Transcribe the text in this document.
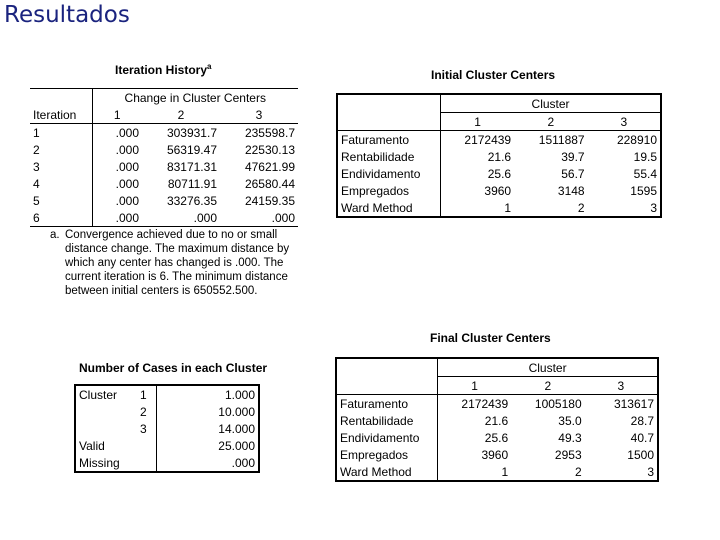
Resultados
Iteration History$^a$
	Change in Cluster Centers		
Iteration	1	2	3
1	.000	303931.7	235598.7
2	.000	56319.47	22530.13
3	.000	83171.31	47621.99
4	.000	80711.91	26580.44
5	.000	33276.35	24159.35
6	.000	.000	.000
a. Convergence achieved due to no or small distance change. The maximum distance by which any center has changed is .000. The current iteration is 6. The minimum distance between initial centers is 650552.500.
Initial Cluster Centers
	Cluster		
	1	2	3
Faturamento	2172439	1511887	228910
Rentabilidade	21.6	39.7	19.5
Endividamento	25.6	56.7	55.4
Empregados	3960	3148	1595
Ward Method	1	2	3
Number of Cases in each Cluster
Cluster	1	1.000
	2	10.000
	3	14.000
Valid		25.000
Missing		.000
Final Cluster Centers
	Cluster		
	1	2	3
Faturamento	2172439	1005180	313617
Rentabilidade	21.6	35.0	28.7
Endividamento	25.6	49.3	40.7
Empregados	3960	2953	1500
Ward Method	1	2	3
